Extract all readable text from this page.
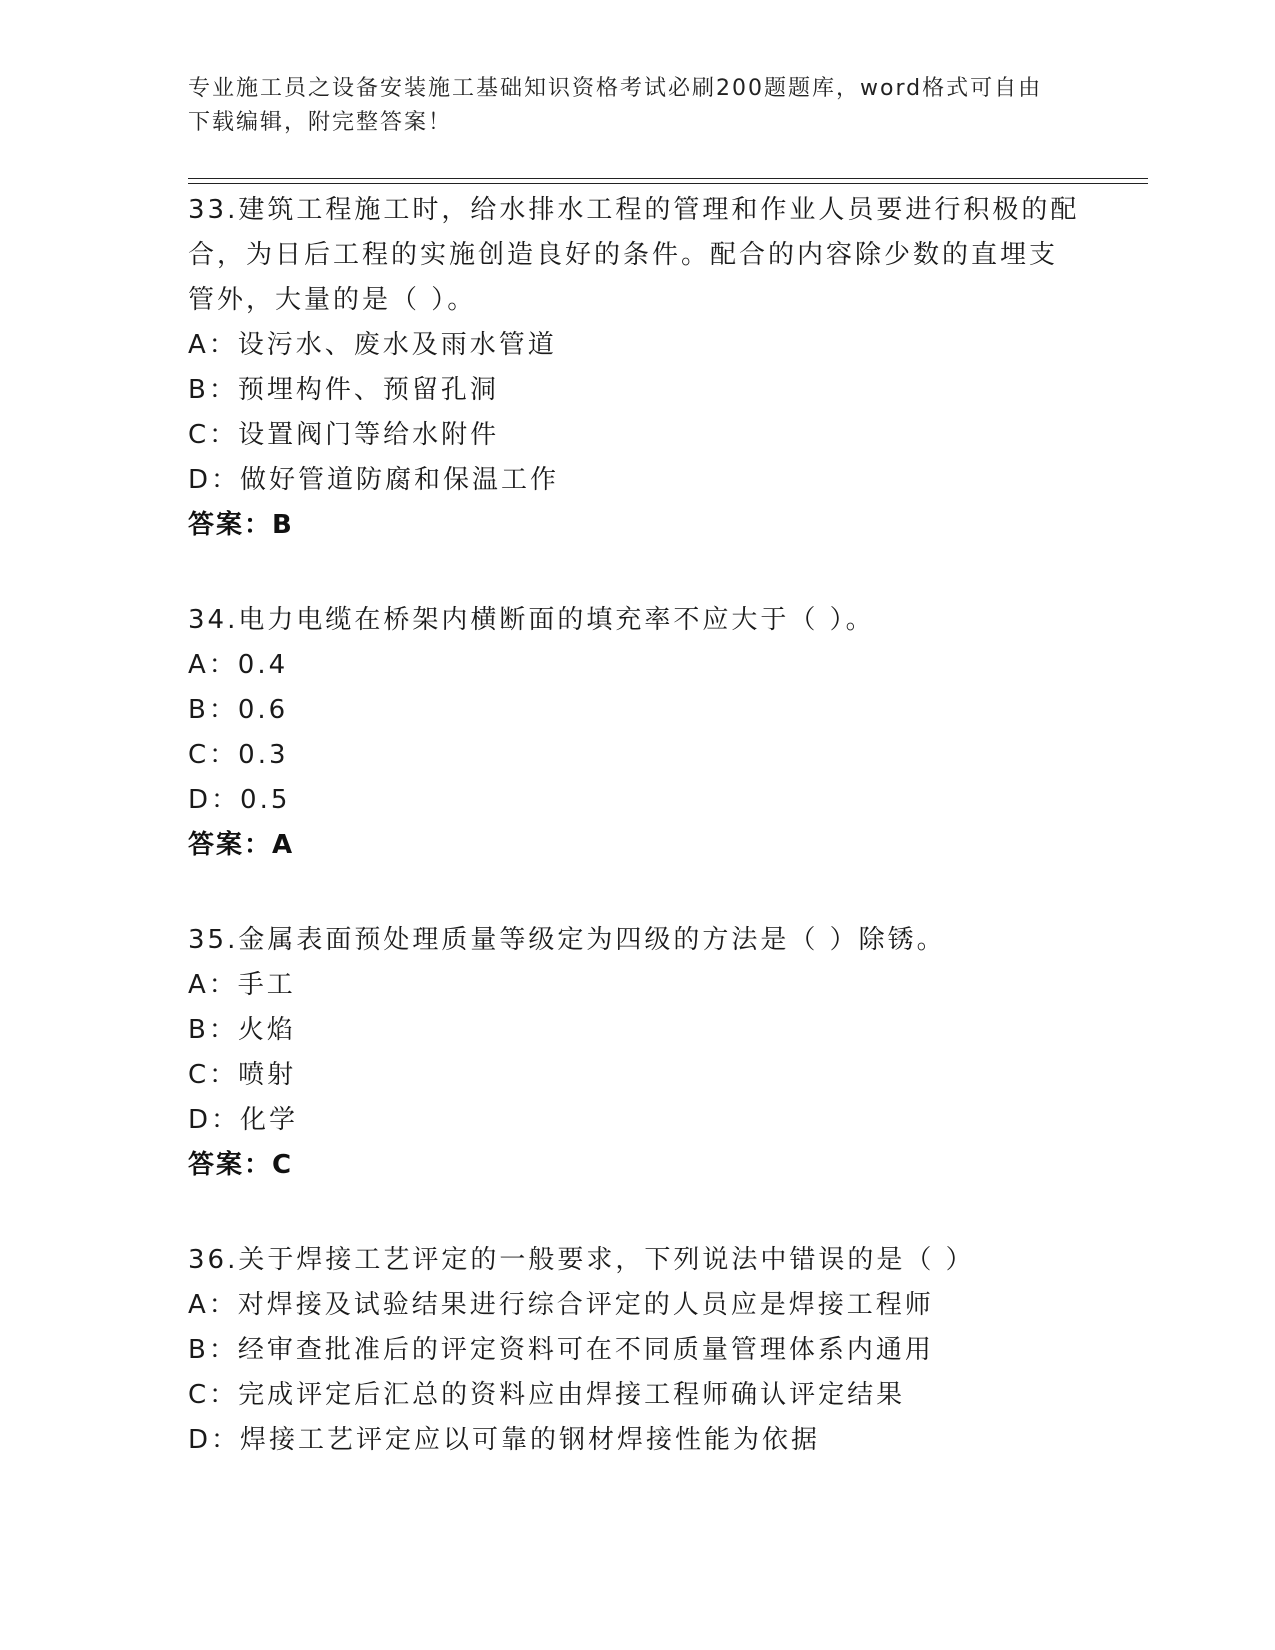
专业施工员之设备安装施工基础知识资格考试必刷200题题库，word格式可自由
下载编辑，附完整答案！
33.建筑工程施工时，给水排水工程的管理和作业人员要进行积极的配
合，为日后工程的实施创造良好的条件。配合的内容除少数的直埋支
管外，大量的是（ ）。
A：设污水、废水及雨水管道
B：预埋构件、预留孔洞
C：设置阀门等给水附件
D：做好管道防腐和保温工作
答案：B
34.电力电缆在桥架内横断面的填充率不应大于（ ）。
A：0.4
B：0.6
C：0.3
D：0.5
答案：A
35.金属表面预处理质量等级定为四级的方法是（ ）除锈。
A：手工
B：火焰
C：喷射
D：化学
答案：C
36.关于焊接工艺评定的一般要求，下列说法中错误的是（ ）
A：对焊接及试验结果进行综合评定的人员应是焊接工程师
B：经审查批准后的评定资料可在不同质量管理体系内通用
C：完成评定后汇总的资料应由焊接工程师确认评定结果
D：焊接工艺评定应以可靠的钢材焊接性能为依据
